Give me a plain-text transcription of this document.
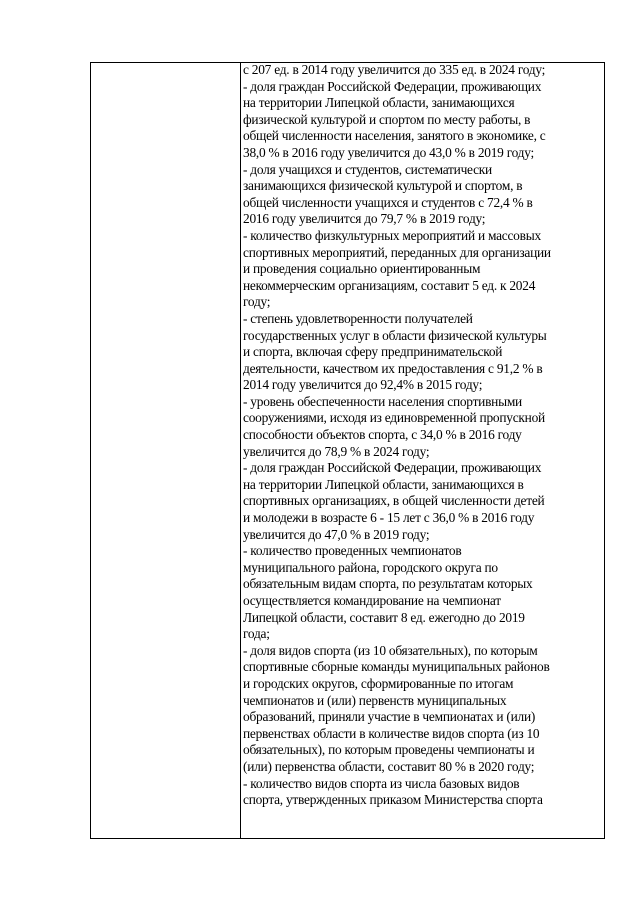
с 207 ед. в 2014 году увеличится до 335 ед. в 2024 году;
- доля граждан Российской Федерации, проживающих
на территории Липецкой области, занимающихся
физической культурой и спортом по месту работы, в
общей численности населения, занятого в экономике, с
38,0 % в 2016 году увеличится до 43,0 % в 2019 году;
- доля учащихся и студентов, систематически
занимающихся физической культурой и спортом, в
общей численности учащихся и студентов с 72,4 % в
2016 году увеличится до 79,7 % в 2019 году;
- количество физкультурных мероприятий и массовых
спортивных мероприятий, переданных для организации
и проведения социально ориентированным
некоммерческим организациям, составит 5 ед. к 2024
году;
- степень удовлетворенности получателей
государственных услуг в области физической культуры
и спорта, включая сферу предпринимательской
деятельности, качеством их предоставления с 91,2 % в
2014 году увеличится до 92,4% в 2015 году;
- уровень обеспеченности населения спортивными
сооружениями, исходя из единовременной пропускной
способности объектов спорта, с 34,0 % в 2016 году
увеличится до 78,9 % в 2024 году;
- доля граждан Российской Федерации, проживающих
на территории Липецкой области, занимающихся в
спортивных организациях, в общей численности детей
и молодежи в возрасте 6 - 15 лет с 36,0 % в 2016 году
увеличится до 47,0 % в 2019 году;
- количество проведенных чемпионатов
муниципального района, городского округа по
обязательным видам спорта, по результатам которых
осуществляется командирование на чемпионат
Липецкой области, составит 8 ед. ежегодно до 2019
года;
- доля видов спорта (из 10 обязательных), по которым
спортивные сборные команды муниципальных районов
и городских округов, сформированные по итогам
чемпионатов и (или) первенств муниципальных
образований, приняли участие в чемпионатах и (или)
первенствах области в количестве видов спорта (из 10
обязательных), по которым проведены чемпионаты и
(или) первенства области, составит 80 % в 2020 году;
- количество видов спорта из числа базовых видов
спорта, утвержденных приказом Министерства спорта
